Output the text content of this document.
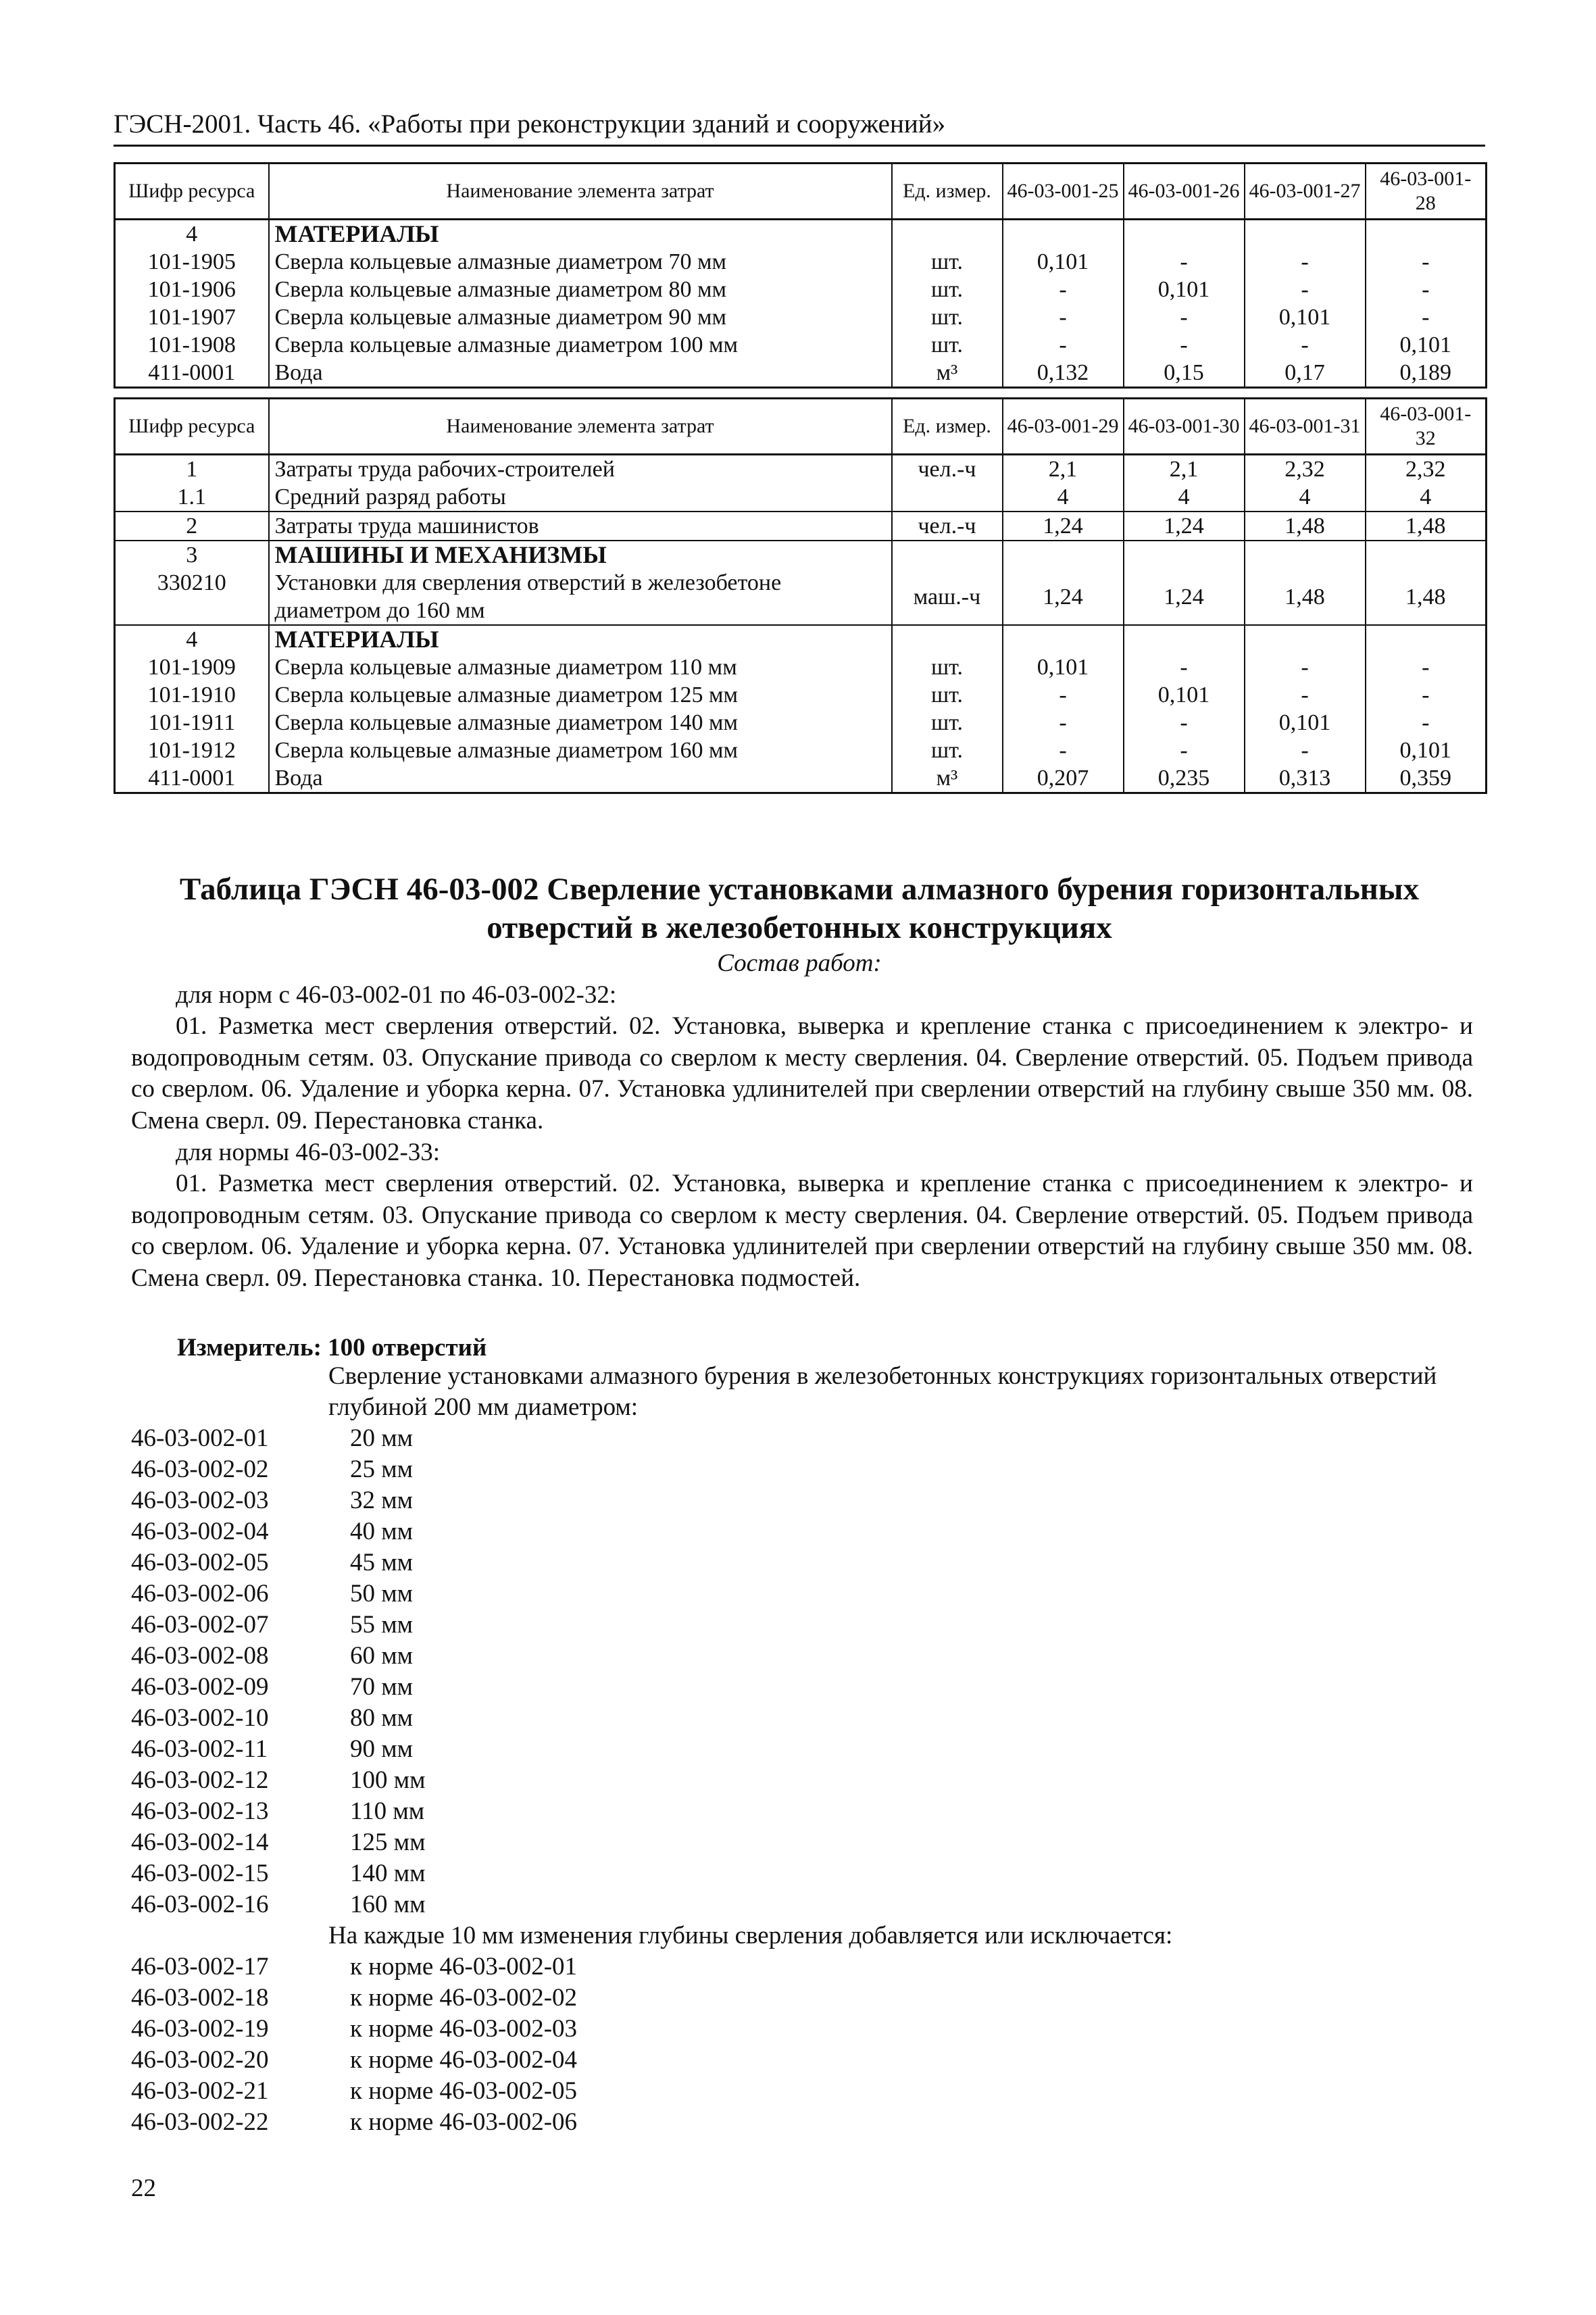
ГЭСН-2001. Часть 46. «Работы при реконструкции зданий и сооружений»
Шифр ресурса	Наименование элемента затрат	Ед. измер.	46-03-001-25	46-03-001-26	46-03-001-27	46-03-001-28
4	МАТЕРИАЛЫ					
101-1905	Сверла кольцевые алмазные диаметром 70 мм	шт.	0,101	-	-	-
101-1906	Сверла кольцевые алмазные диаметром 80 мм	шт.	-	0,101	-	-
101-1907	Сверла кольцевые алмазные диаметром 90 мм	шт.	-	-	0,101	-
101-1908	Сверла кольцевые алмазные диаметром 100 мм	шт.	-	-	-	0,101
411-0001	Вода	м³	0,132	0,15	0,17	0,189
Шифр ресурса	Наименование элемента затрат	Ед. измер.	46-03-001-29	46-03-001-30	46-03-001-31	46-03-001-32
1	Затраты труда рабочих-строителей	чел.-ч	2,1	2,1	2,32	2,32
1.1	Средний разряд работы		4	4	4	4
2	Затраты труда машинистов	чел.-ч	1,24	1,24	1,48	1,48
3	МАШИНЫ И МЕХАНИЗМЫ					
330210	Установки для сверления отверстий в железобетоне диаметром до 160 мм	маш.-ч	1,24	1,24	1,48	1,48
4	МАТЕРИАЛЫ					
101-1909	Сверла кольцевые алмазные диаметром 110 мм	шт.	0,101	-	-	-
101-1910	Сверла кольцевые алмазные диаметром 125 мм	шт.	-	0,101	-	-
101-1911	Сверла кольцевые алмазные диаметром 140 мм	шт.	-	-	0,101	-
101-1912	Сверла кольцевые алмазные диаметром 160 мм	шт.	-	-	-	0,101
411-0001	Вода	м³	0,207	0,235	0,313	0,359
Таблица ГЭСН 46-03-002 Сверление установками алмазного бурения горизонтальных
отверстий в железобетонных конструкциях
Состав работ:
для норм с 46-03-002-01 по 46-03-002-32:
01. Разметка мест сверления отверстий. 02. Установка, выверка и крепление станка с присоединением к электро- и водопроводным сетям. 03. Опускание привода со сверлом к месту сверления. 04. Сверление отверстий. 05. Подъем привода со сверлом. 06. Удаление и уборка керна. 07. Установка удлинителей при сверлении отверстий на глубину свыше 350 мм. 08. Смена сверл. 09. Перестановка станка.
для нормы 46-03-002-33:
01. Разметка мест сверления отверстий. 02. Установка, выверка и крепление станка с присоединением к электро- и водопроводным сетям. 03. Опускание привода со сверлом к месту сверления. 04. Сверление отверстий. 05. Подъем привода со сверлом. 06. Удаление и уборка керна. 07. Установка удлинителей при сверлении отверстий на глубину свыше 350 мм. 08. Смена сверл. 09. Перестановка станка. 10. Перестановка подмостей.
Измеритель: 100 отверстий
Сверление установками алмазного бурения в железобетонных конструкциях горизонтальных отверстий глубиной 200 мм диаметром:
46-03-002-01	20 мм
46-03-002-02	25 мм
46-03-002-03	32 мм
46-03-002-04	40 мм
46-03-002-05	45 мм
46-03-002-06	50 мм
46-03-002-07	55 мм
46-03-002-08	60 мм
46-03-002-09	70 мм
46-03-002-10	80 мм
46-03-002-11	90 мм
46-03-002-12	100 мм
46-03-002-13	110 мм
46-03-002-14	125 мм
46-03-002-15	140 мм
46-03-002-16	160 мм
На каждые 10 мм изменения глубины сверления добавляется или исключается:
46-03-002-17	к норме 46-03-002-01
46-03-002-18	к норме 46-03-002-02
46-03-002-19	к норме 46-03-002-03
46-03-002-20	к норме 46-03-002-04
46-03-002-21	к норме 46-03-002-05
46-03-002-22	к норме 46-03-002-06
22
